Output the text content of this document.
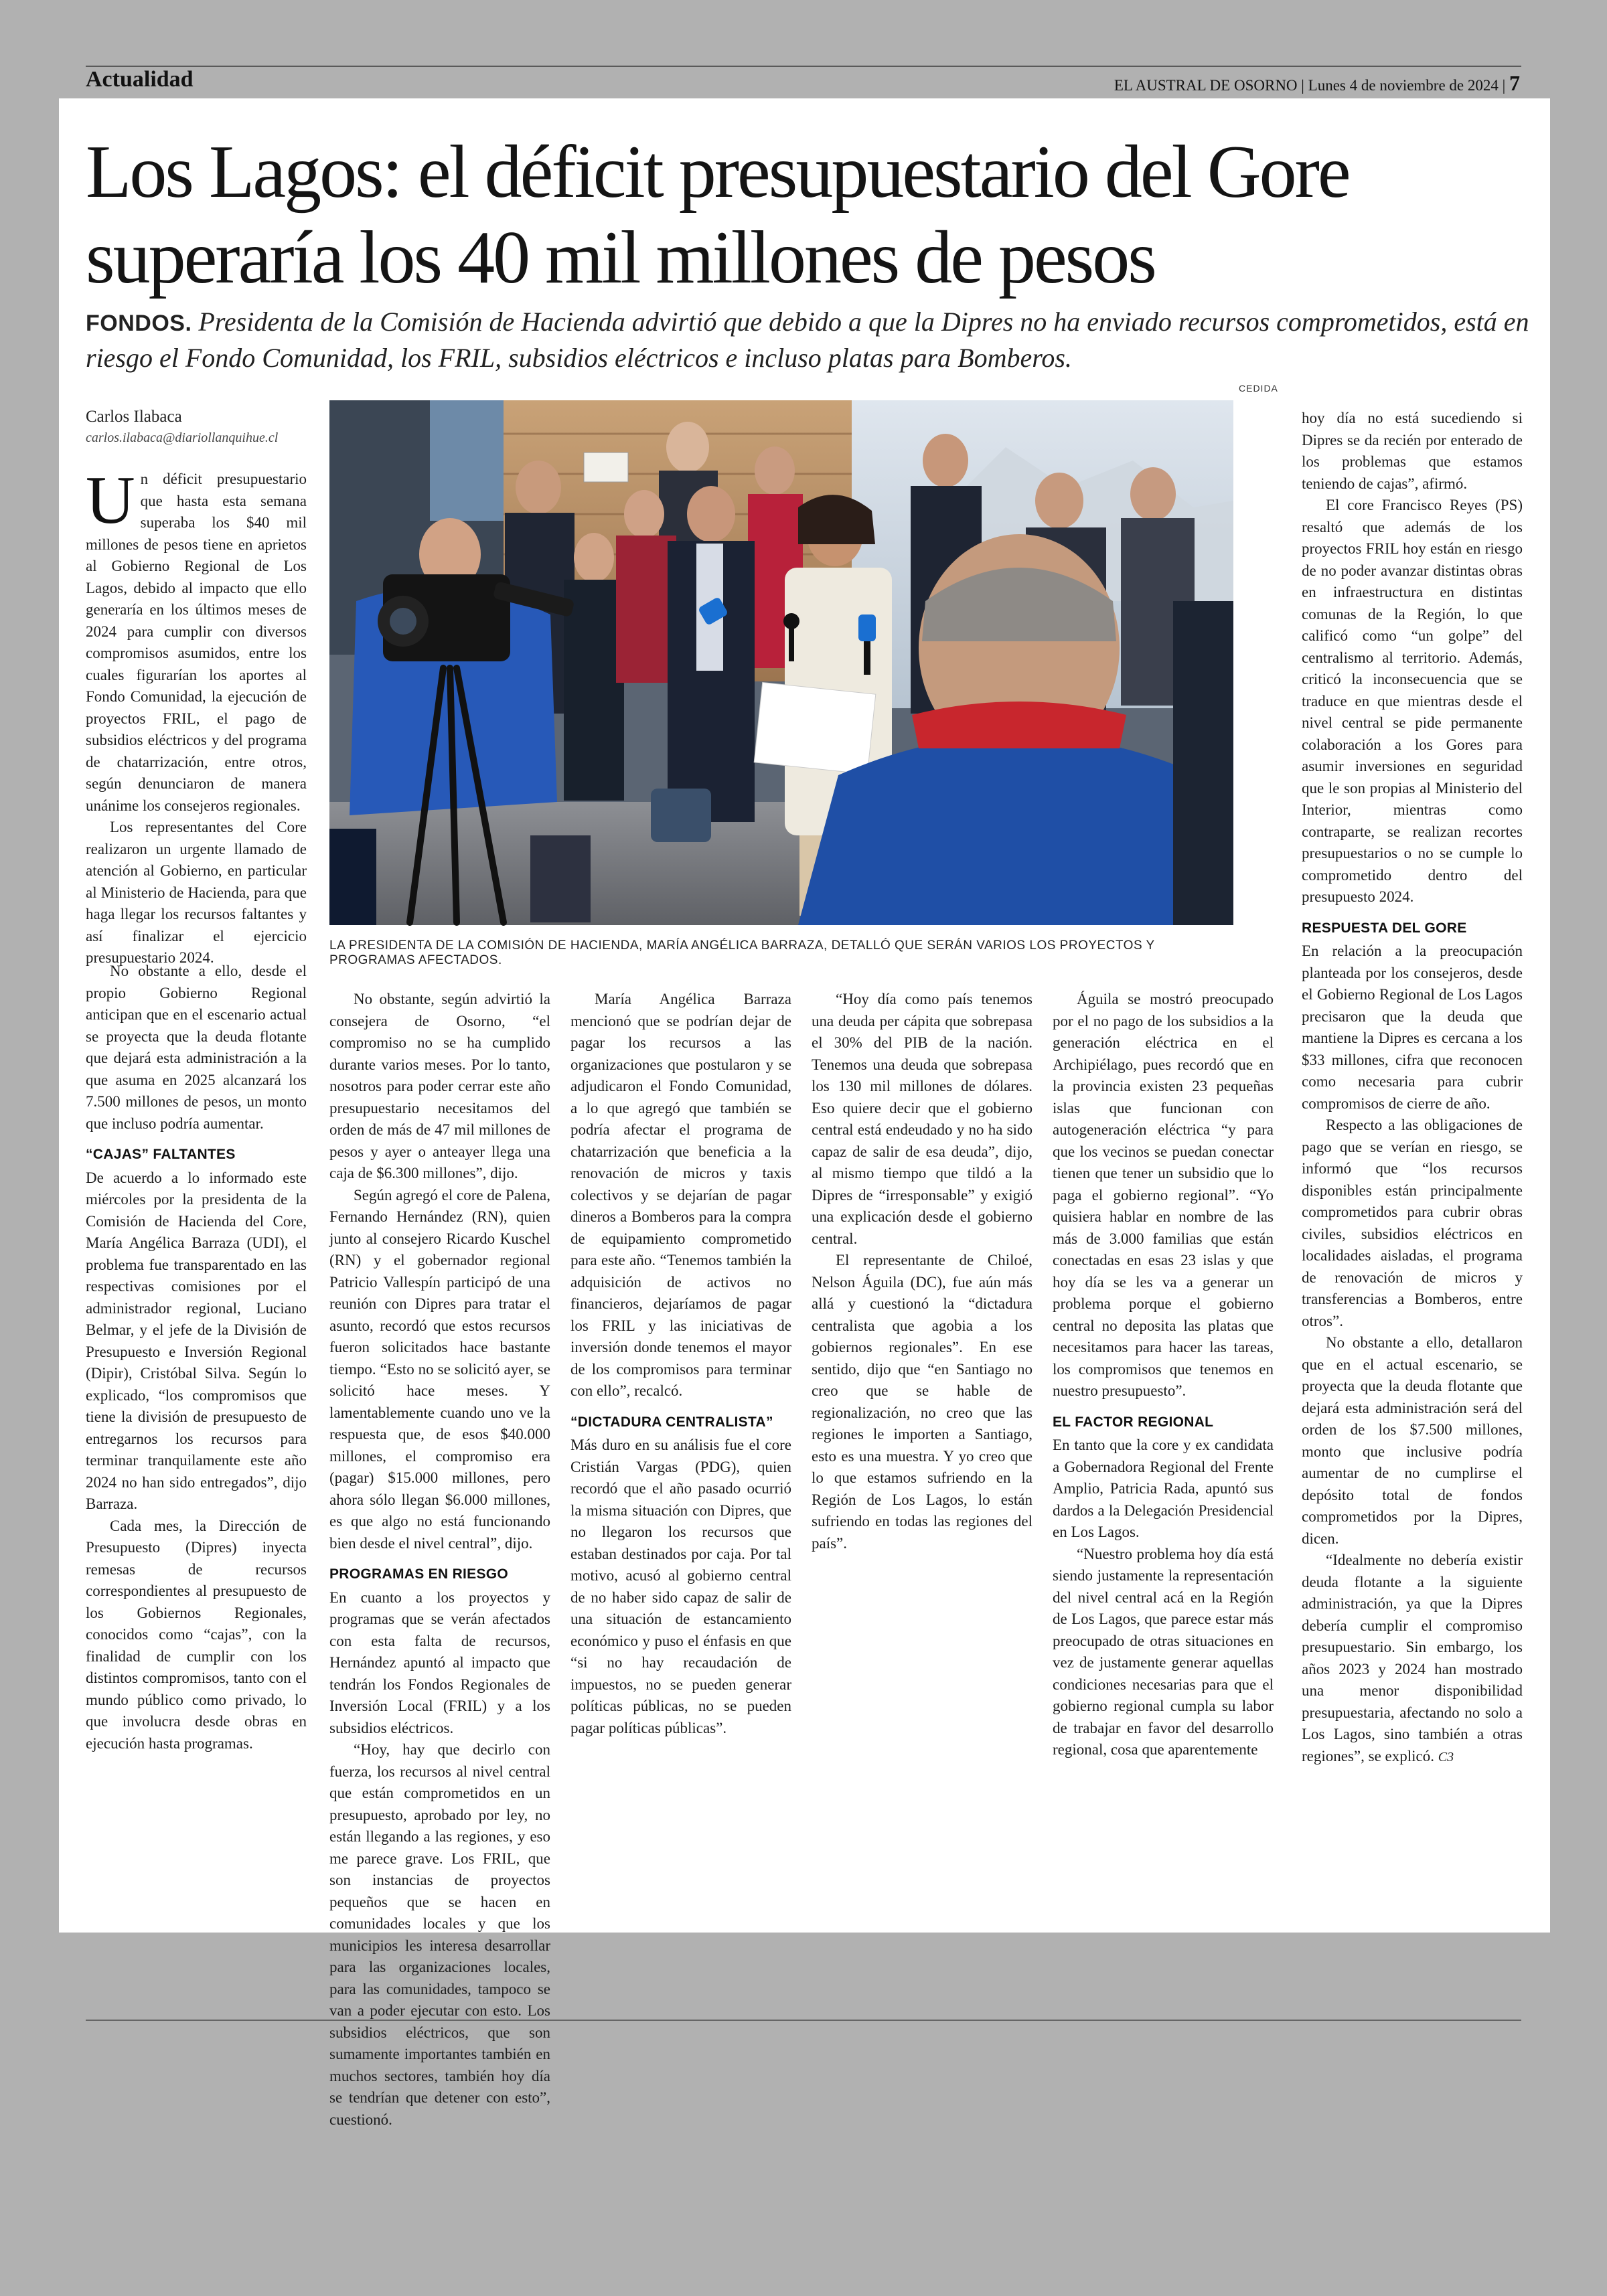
Actualidad	EL AUSTRAL DE OSORNO | Lunes 4 de noviembre de 2024 | 7
Los Lagos: el déficit presupuestario del Gore superaría los 40 mil millones de pesos
FONDOS. Presidenta de la Comisión de Hacienda advirtió que debido a que la Dipres no ha enviado recursos comprometidos, está en riesgo el Fondo Comunidad, los FRIL, subsidios eléctricos e incluso platas para Bomberos.
CEDIDA
Carlos Ilabaca
carlos.ilabaca@diariollanquihue.cl
LA PRESIDENTA DE LA COMISIÓN DE HACIENDA, MARÍA ANGÉLICA BARRAZA, DETALLÓ QUE SERÁN VARIOS LOS PROYECTOS Y PROGRAMAS AFECTADOS.

Un déficit presupuestario que hasta esta semana superaba los $40 mil millones de pesos tiene en aprietos al Gobierno Regional de Los Lagos, debido al impacto que ello generaría en los últimos meses de 2024 para cumplir con diversos compromisos asumidos, entre los cuales figurarían los aportes al Fondo Comunidad, la ejecución de proyectos FRIL, el pago de subsidios eléctricos y del programa de chatarrización, entre otros, según denunciaron de manera unánime los consejeros regionales.

Los representantes del Core realizaron un urgente llamado de atención al Gobierno, en particular al Ministerio de Hacienda, para que haga llegar los recursos faltantes y así finalizar el ejercicio presupuestario 2024.

No obstante a ello, desde el propio Gobierno Regional anticipan que en el escenario actual se proyecta que la deuda flotante que dejará esta administración a la que asuma en 2025 alcanzará los 7.500 millones de pesos, un monto que incluso podría aumentar.

“CAJAS” FALTANTES

De acuerdo a lo informado este miércoles por la presidenta de la Comisión de Hacienda del Core, María Angélica Barraza (UDI), el problema fue transparentado en las respectivas comisiones por el administrador regional, Luciano Belmar, y el jefe de la División de Presupuesto e Inversión Regional (Dipir), Cristóbal Silva. Según lo explicado, “los compromisos que tiene la división de presupuesto de entregarnos los recursos para terminar tranquilamente este año 2024 no han sido entregados”, dijo Barraza.

Cada mes, la Dirección de Presupuesto (Dipres) inyecta remesas de recursos correspondientes al presupuesto de los Gobiernos Regionales, conocidos como “cajas”, con la finalidad de cumplir con los distintos compromisos, tanto con el mundo público como privado, lo que involucra desde obras en ejecución hasta programas.

No obstante, según advirtió la consejera de Osorno, “el compromiso no se ha cumplido durante varios meses. Por lo tanto, nosotros para poder cerrar este año presupuestario necesitamos del orden de más de 47 mil millones de pesos y ayer o anteayer llega una caja de $6.300 millones”, dijo.

Según agregó el core de Palena, Fernando Hernández (RN), quien junto al consejero Ricardo Kuschel (RN) y el gobernador regional Patricio Vallespín participó de una reunión con Dipres para tratar el asunto, recordó que estos recursos fueron solicitados hace bastante tiempo. “Esto no se solicitó ayer, se solicitó hace meses. Y lamentablemente cuando uno ve la respuesta que, de esos $40.000 millones, el compromiso era (pagar) $15.000 millones, pero ahora sólo llegan $6.000 millones, es que algo no está funcionando bien desde el nivel central”, dijo.

PROGRAMAS EN RIESGO

En cuanto a los proyectos y programas que se verán afectados con esta falta de recursos, Hernández apuntó al impacto que tendrán los Fondos Regionales de Inversión Local (FRIL) y a los subsidios eléctricos.

“Hoy, hay que decirlo con fuerza, los recursos al nivel central que están comprometidos en un presupuesto, aprobado por ley, no están llegando a las regiones, y eso me parece grave. Los FRIL, que son instancias de proyectos pequeños que se hacen en comunidades locales y que los municipios les interesa desarrollar para las organizaciones locales, para las comunidades, tampoco se van a poder ejecutar con esto. Los subsidios eléctricos, que son sumamente importantes también en muchos sectores, también hoy día se tendrían que detener con esto”, cuestionó.

María Angélica Barraza mencionó que se podrían dejar de pagar los recursos a las organizaciones que postularon y se adjudicaron el Fondo Comunidad, a lo que agregó que también se podría afectar el programa de chatarrización que beneficia a la renovación de micros y taxis colectivos y se dejarían de pagar dineros a Bomberos para la compra de equipamiento comprometido para este año. “Tenemos también la adquisición de activos no financieros, dejaríamos de pagar los FRIL y las iniciativas de inversión donde tenemos el mayor de los compromisos para terminar con ello”, recalcó.

“DICTADURA CENTRALISTA”

Más duro en su análisis fue el core Cristián Vargas (PDG), quien recordó que el año pasado ocurrió la misma situación con Dipres, que no llegaron los recursos que estaban destinados por caja. Por tal motivo, acusó al gobierno central de no haber sido capaz de salir de una situación de estancamiento económico y puso el énfasis en que “si no hay recaudación de impuestos, no se pueden generar políticas públicas, no se pueden pagar políticas públicas”.

“Hoy día como país tenemos una deuda per cápita que sobrepasa el 30% del PIB de la nación. Tenemos una deuda que sobrepasa los 130 mil millones de dólares. Eso quiere decir que el gobierno central está endeudado y no ha sido capaz de salir de esa deuda”, dijo, al mismo tiempo que tildó a la Dipres de “irresponsable” y exigió una explicación desde el gobierno central.

El representante de Chiloé, Nelson Águila (DC), fue aún más allá y cuestionó la “dictadura centralista que agobia a los gobiernos regionales”. En ese sentido, dijo que “en Santiago no creo que se hable de regionalización, no creo que las regiones le importen a Santiago, esto es una muestra. Y yo creo que lo que estamos sufriendo en la Región de Los Lagos, lo están sufriendo en todas las regiones del país”.

Águila se mostró preocupado por el no pago de los subsidios a la generación eléctrica en el Archipiélago, pues recordó que en la provincia existen 23 pequeñas islas que funcionan con autogeneración eléctrica “y para que los vecinos se puedan conectar tienen que tener un subsidio que lo paga el gobierno regional”. “Yo quisiera hablar en nombre de las más de 3.000 familias que están conectadas en esas 23 islas y que hoy día se les va a generar un problema porque el gobierno central no deposita las platas que necesitamos para hacer las tareas, los compromisos que tenemos en nuestro presupuesto”.

EL FACTOR REGIONAL

En tanto que la core y ex candidata a Gobernadora Regional del Frente Amplio, Patricia Rada, apuntó sus dardos a la Delegación Presidencial en Los Lagos.

“Nuestro problema hoy día está siendo justamente la representación del nivel central acá en la Región de Los Lagos, que parece estar más preocupado de otras situaciones en vez de justamente generar aquellas condiciones necesarias para que el gobierno regional cumpla su labor de trabajar en favor del desarrollo regional, cosa que aparentemente

hoy día no está sucediendo si Dipres se da recién por enterado de los problemas que estamos teniendo de cajas”, afirmó.

El core Francisco Reyes (PS) resaltó que además de los proyectos FRIL hoy están en riesgo de no poder avanzar distintas obras en infraestructura en distintas comunas de la Región, lo que calificó como “un golpe” del centralismo al territorio. Además, criticó la inconsecuencia que se traduce en que mientras desde el nivel central se pide permanente colaboración a los Gores para asumir inversiones en seguridad que le son propias al Ministerio del Interior, mientras como contraparte, se realizan recortes presupuestarios o no se cumple lo comprometido dentro del presupuesto 2024.

RESPUESTA DEL GORE

En relación a la preocupación planteada por los consejeros, desde el Gobierno Regional de Los Lagos precisaron que la deuda que mantiene la Dipres es cercana a los $33 millones, cifra que reconocen como necesaria para cubrir compromisos de cierre de año.

Respecto a las obligaciones de pago que se verían en riesgo, se informó que “los recursos disponibles están principalmente comprometidos para cubrir obras civiles, subsidios eléctricos en localidades aisladas, el programa de renovación de micros y transferencias a Bomberos, entre otros”.

No obstante a ello, detallaron que en el actual escenario, se proyecta que la deuda flotante que dejará esta administración será del orden de los $7.500 millones, monto que inclusive podría aumentar de no cumplirse el depósito total de fondos comprometidos por la Dipres, dicen.

“Idealmente no debería existir deuda flotante a la siguiente administración, ya que la Dipres debería cumplir el compromiso presupuestario. Sin embargo, los años 2023 y 2024 han mostrado una menor disponibilidad presupuestaria, afectando no solo a Los Lagos, sino también a otras regiones”, se explicó. C3
